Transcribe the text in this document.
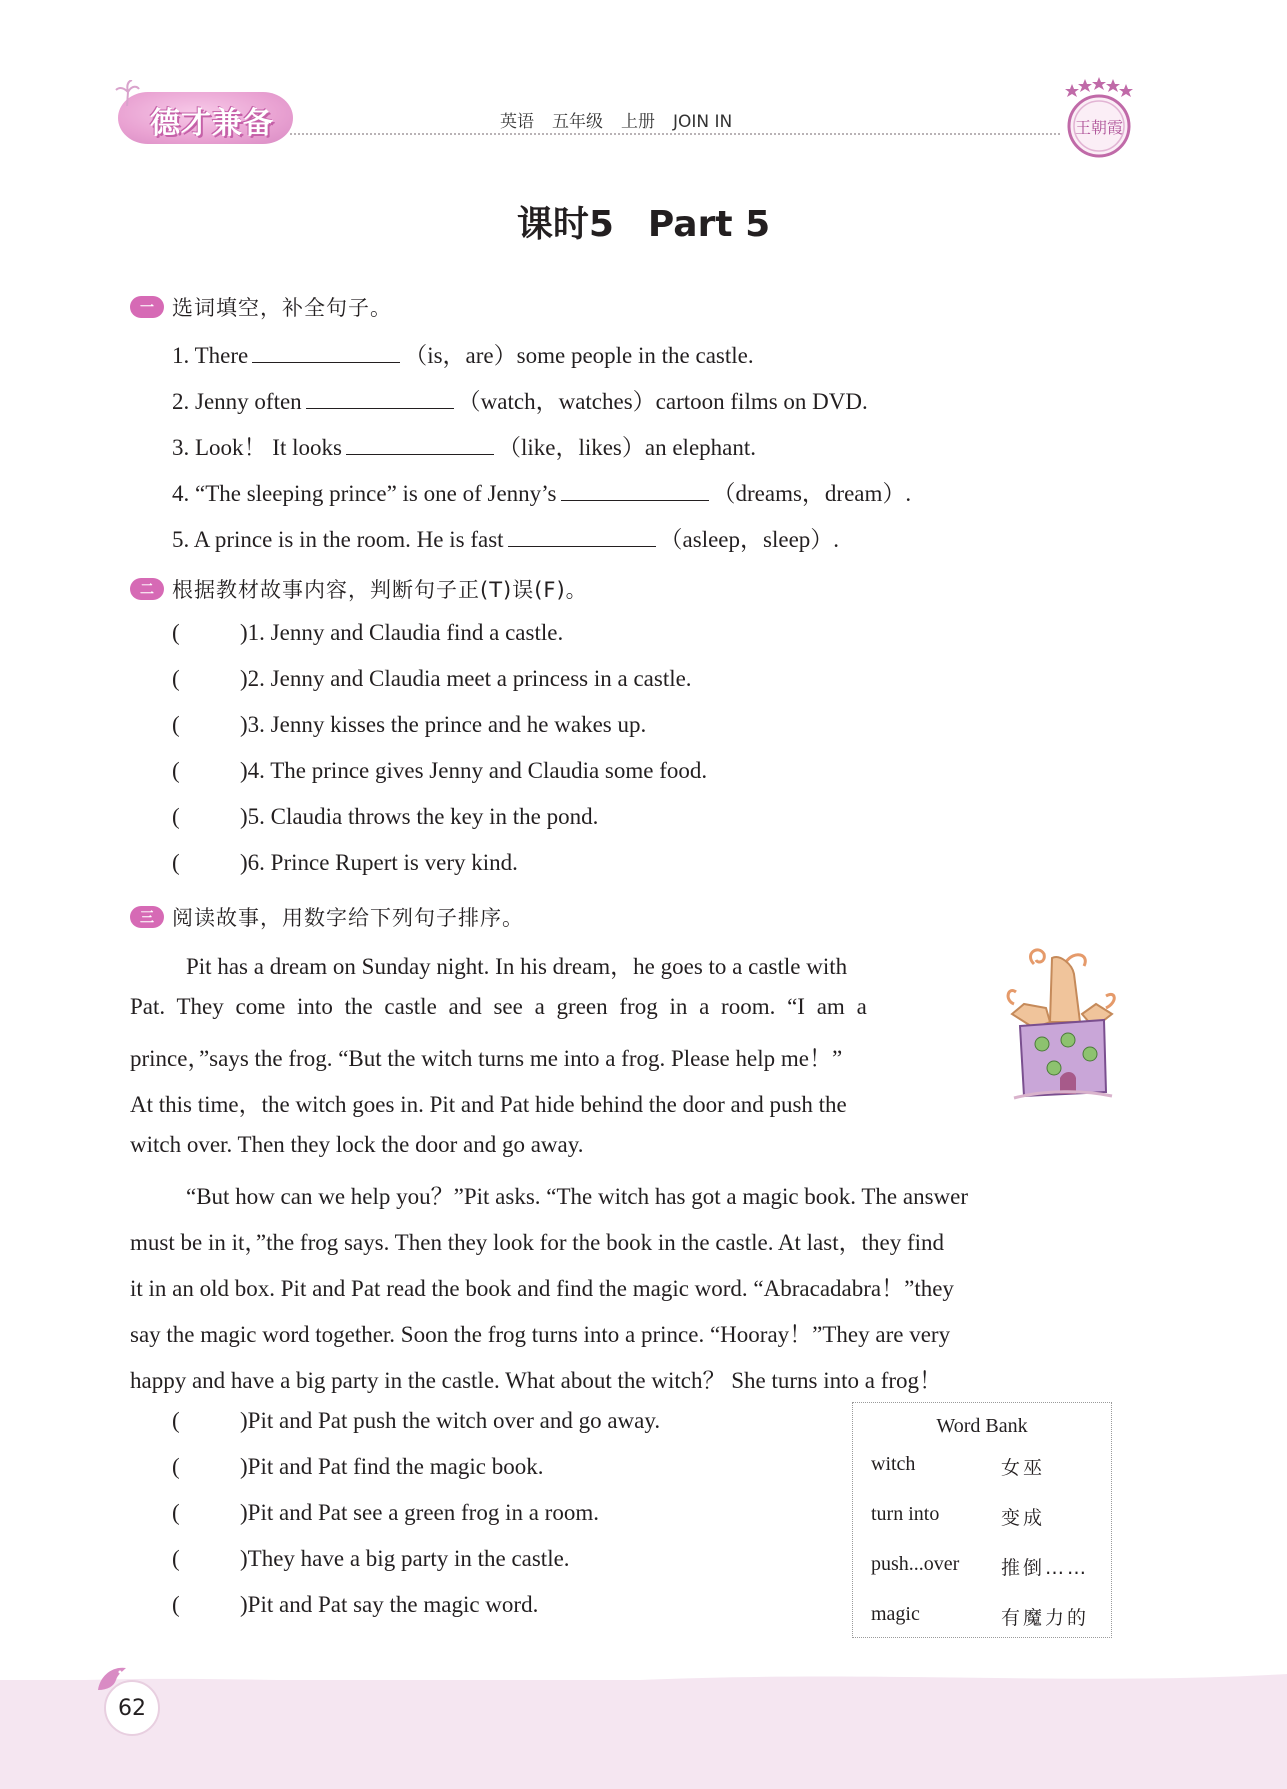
德才兼备	英语 五年级 上册 JOIN IN	王朝霞
课时5 Part 5
一 选词填空，补全句子。
1. There	（is，are）some people in the castle.
2. Jenny often	（watch，watches）cartoon films on DVD.
3. Look！ It looks	（like，likes）an elephant.
4. “The sleeping prince” is one of Jenny’s	（dreams，dream）.
5. A prince is in the room. He is fast	（asleep，sleep）.
二 根据教材故事内容，判断句子正(T)误(F)。
(	)1. Jenny and Claudia find a castle.
(	)2. Jenny and Claudia meet a princess in a castle.
(	)3. Jenny kisses the prince and he wakes up.
(	)4. The prince gives Jenny and Claudia some food.
(	)5. Claudia throws the key in the pond.
(	)6. Prince Rupert is very kind.
三 阅读故事，用数字给下列句子排序。
Pit has a dream on Sunday night. In his dream，he goes to a castle with
Pat. They come into the castle and see a green frog in a room. “I am a
prince，”says the frog. “But the witch turns me into a frog. Please help me！”
At this time，the witch goes in. Pit and Pat hide behind the door and push the
witch over. Then they lock the door and go away.
“But how can we help you？”Pit asks. “The witch has got a magic book. The answer
must be in it，”the frog says. Then they look for the book in the castle. At last，they find
it in an old box. Pit and Pat read the book and find the magic word. “Abracadabra！”they
say the magic word together. Soon the frog turns into a prince. “Hooray！”They are very
happy and have a big party in the castle. What about the witch？ She turns into a frog！
(	)Pit and Pat push the witch over and go away.
(	)Pit and Pat find the magic book.
(	)Pit and Pat see a green frog in a room.
(	)They have a big party in the castle.
(	)Pit and Pat say the magic word.
Word Bank
witch	女巫
turn into	变成
push...over	推倒……
magic	有魔力的
62
